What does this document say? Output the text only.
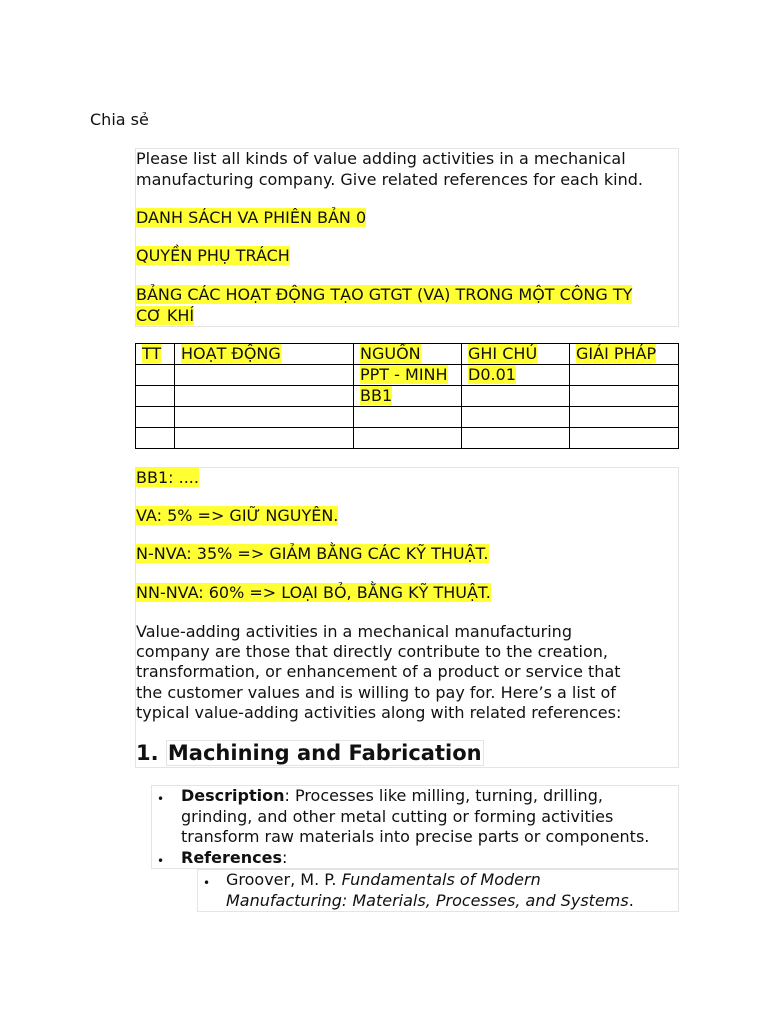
Chia sẻ
Please list all kinds of value adding activities in a mechanical
manufacturing company. Give related references for each kind.
DANH SÁCH VA PHIÊN BẢN 0
QUYỀN PHỤ TRÁCH
BẢNG CÁC HOẠT ĐỘNG TẠO GTGT (VA) TRONG MỘT CÔNG TY
CƠ KHÍ
TT	HOẠT ĐỘNG	NGUỒN	GHI CHÚ	GIẢI PHÁP
		PPT - MINH	D0.01	
		BB1		

BB1: ....
VA: 5% => GIỮ NGUYÊN.
N-NVA: 35% => GIẢM BẰNG CÁC KỸ THUẬT.
NN-NVA: 60% => LOẠI BỎ, BẰNG KỸ THUẬT.
Value-adding activities in a mechanical manufacturing
company are those that directly contribute to the creation,
transformation, or enhancement of a product or service that
the customer values and is willing to pay for. Here’s a list of
typical value-adding activities along with related references:
1. Machining and Fabrication
• Description: Processes like milling, turning, drilling,
grinding, and other metal cutting or forming activities
transform raw materials into precise parts or components.
• References:
• Groover, M. P. Fundamentals of Modern
Manufacturing: Materials, Processes, and Systems.
